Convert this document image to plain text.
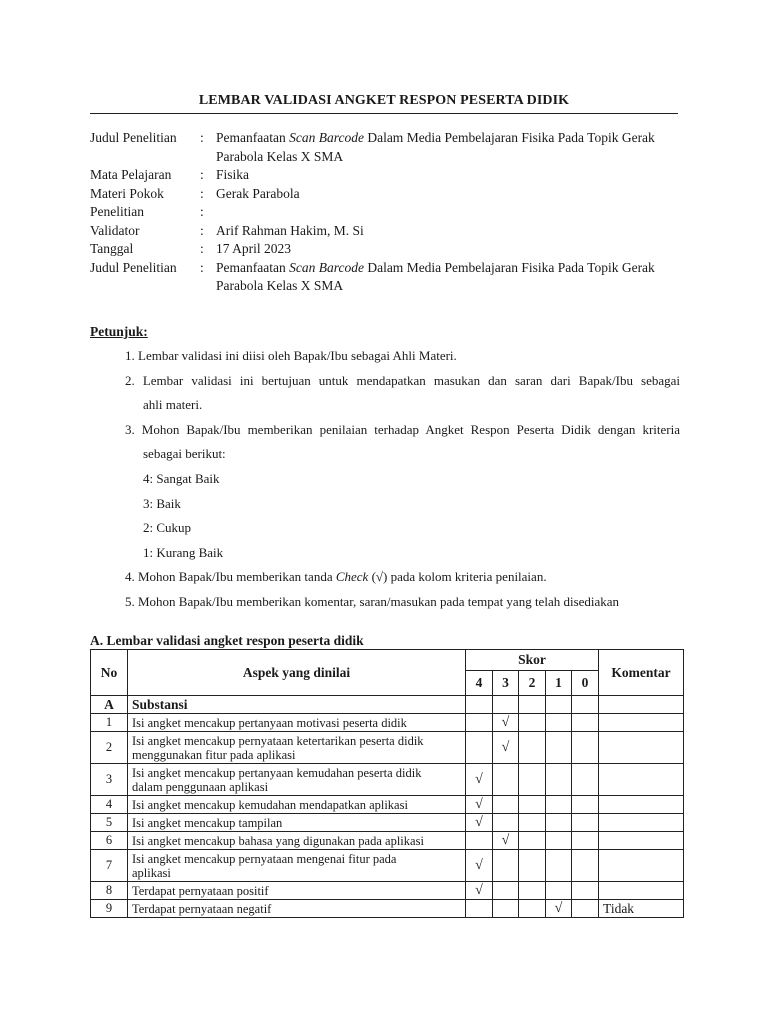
LEMBAR VALIDASI ANGKET RESPON PESERTA DIDIK
Judul Penelitian	: Pemanfaatan Scan Barcode Dalam Media Pembelajaran Fisika Pada Topik Gerak
Parabola Kelas X SMA
Mata Pelajaran	: Fisika
Materi Pokok	: Gerak Parabola
Penelitian	:
Validator	: Arif Rahman Hakim, M. Si
Tanggal	: 17 April 2023
Judul Penelitian	: Pemanfaatan Scan Barcode Dalam Media Pembelajaran Fisika Pada Topik Gerak
Parabola Kelas X SMA
Petunjuk:
1. Lembar validasi ini diisi oleh Bapak/Ibu sebagai Ahli Materi.
2. Lembar validasi ini bertujuan untuk mendapatkan masukan dan saran dari Bapak/Ibu sebagai
ahli materi.
3. Mohon Bapak/Ibu memberikan penilaian terhadap Angket Respon Peserta Didik dengan kriteria
sebagai berikut:
4: Sangat Baik
3: Baik
2: Cukup
1: Kurang Baik
4. Mohon Bapak/Ibu memberikan tanda Check (√) pada kolom kriteria penilaian.
5. Mohon Bapak/Ibu memberikan komentar, saran/masukan pada tempat yang telah disediakan
A. Lembar validasi angket respon peserta didik
No	Aspek yang dinilai	Skor					Komentar
		4	3	2	1	0	
A	Substansi						
1	Isi angket mencakup pertanyaan motivasi peserta didik		√				
2	Isi angket mencakup pernyataan ketertarikan peserta didik
menggunakan fitur pada aplikasi		√				
3	Isi angket mencakup pertanyaan kemudahan peserta didik
dalam penggunaan aplikasi	√					
4	Isi angket mencakup kemudahan mendapatkan aplikasi	√					
5	Isi angket mencakup tampilan	√					
6	Isi angket mencakup bahasa yang digunakan pada aplikasi		√				
7	Isi angket mencakup pernyataan mengenai fitur pada
aplikasi	√					
8	Terdapat pernyataan positif	√					
9	Terdapat pernyataan negatif				√		Tidak
